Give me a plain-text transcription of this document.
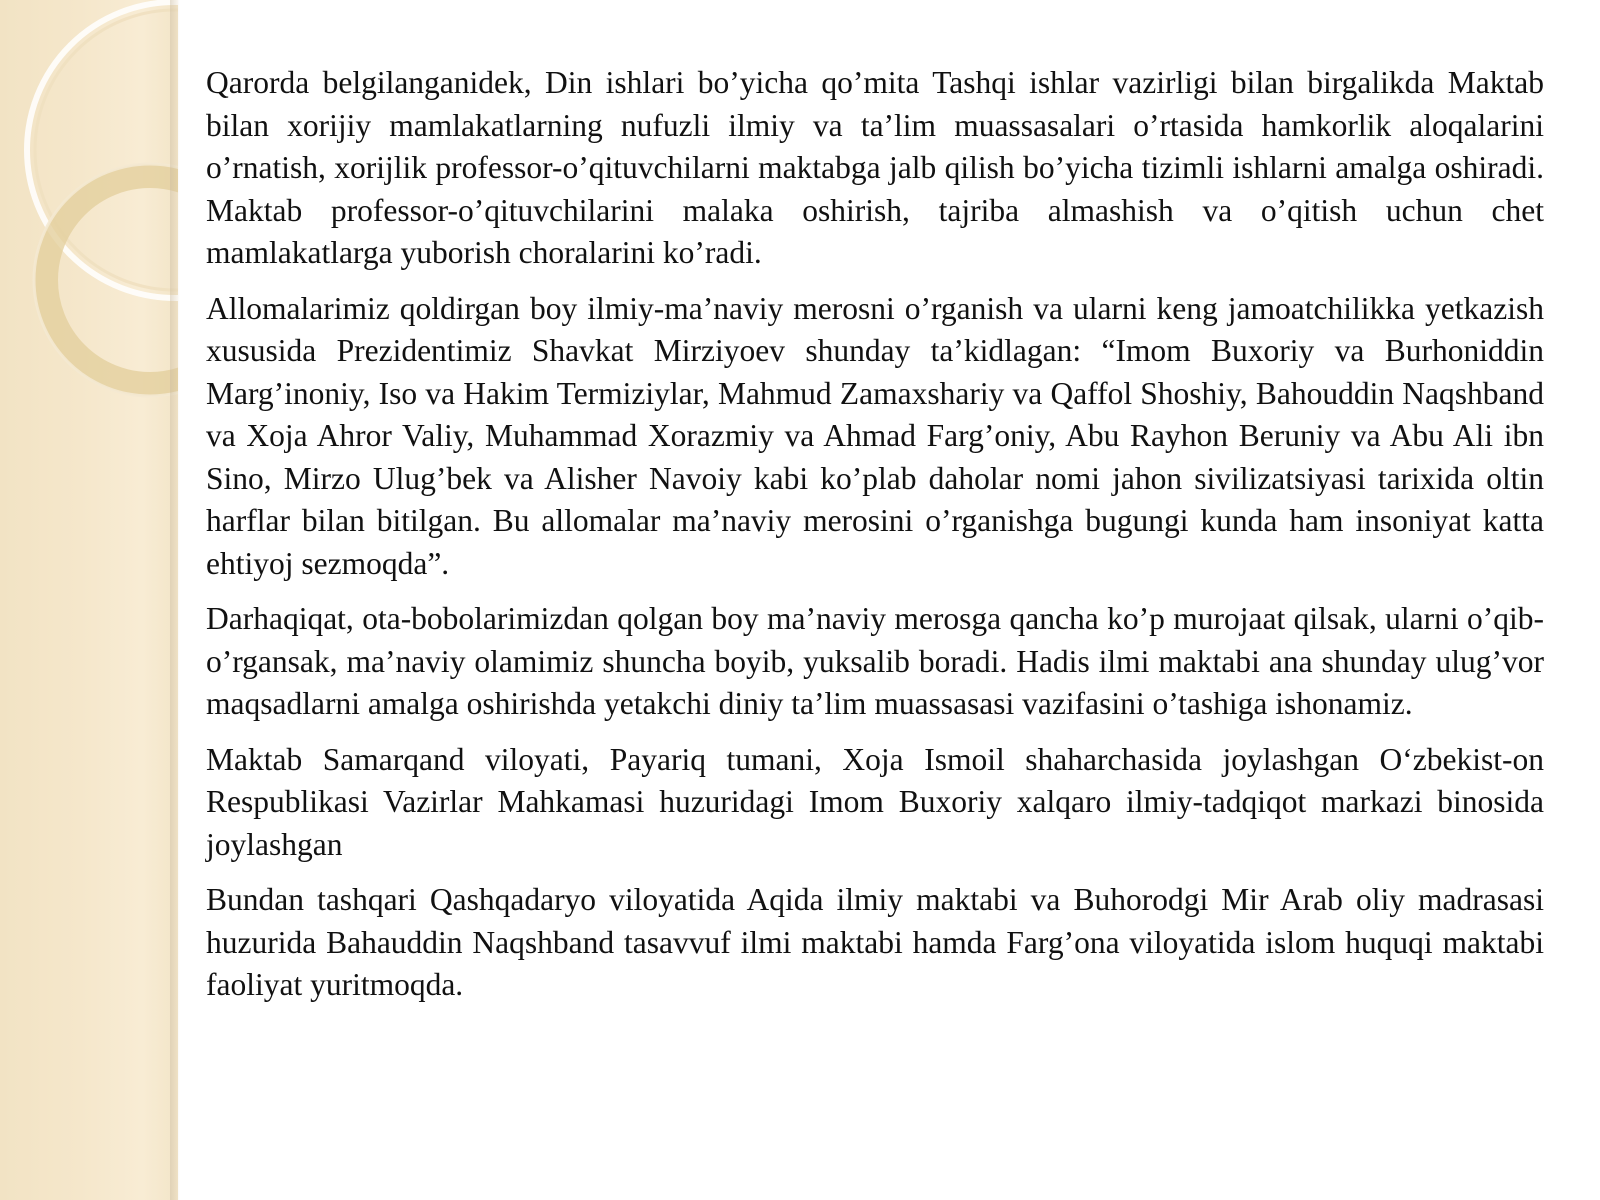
Qarorda belgilanganidek, Din ishlari bo’yicha qo’mita Tashqi ishlar vazirligi bilan birgalikda Maktab bilan xorijiy mamlakatlarning nufuzli ilmiy va ta’lim muassasalari o’rtasida hamkorlik aloqalarini o’rnatish, xorijlik professor-o’qituvchilarni maktabga jalb qilish bo’yicha tizimli ishlarni amalga oshiradi. Maktab professor-o’qituvchilarini malaka oshirish, tajriba almashish va o’qitish uchun chet mamlakatlarga yuborish choralarini ko’radi.

Allomalarimiz qoldirgan boy ilmiy-ma’naviy merosni o’rganish va ularni keng jamoatchilikka yetkazish xususida Prezidentimiz Shavkat Mirziyoev shunday ta’kidlagan: “Imom Buxoriy va Burhoniddin Marg’inoniy, Iso va Hakim Termiziylar, Mahmud Zamaxshariy va Qaffol Shoshiy, Bahouddin Naqshband va Xoja Ahror Valiy, Muhammad Xorazmiy va Ahmad Farg’oniy, Abu Rayhon Beruniy va Abu Ali ibn Sino, Mirzo Ulug’bek va Alisher Navoiy kabi ko’plab daholar nomi jahon sivilizatsiyasi tarixida oltin harflar bilan bitilgan. Bu allomalar ma’naviy merosini o’rganishga bugungi kunda ham insoniyat katta ehtiyoj sezmoqda”.

Darhaqiqat, ota-bobolarimizdan qolgan boy ma’naviy merosga qancha ko’p murojaat qilsak, ularni o’qib-o’rgansak, ma’naviy olamimiz shuncha boyib, yuksalib boradi. Hadis ilmi maktabi ana shunday ulug’vor maqsadlarni amalga oshirishda yetakchi diniy ta’lim muassasasi vazifasini o’tashiga ishonamiz.

Maktab Samarqand viloyati, Payariq tumani, Xoja Ismoil shaharchasida joylashgan O‘zbekist-on Respublikasi Vazirlar Mahkamasi huzuridagi Imom Buxoriy xalqaro ilmiy-tadqiqot markazi binosida joylashgan

Bundan tashqari Qashqadaryo viloyatida Aqida ilmiy maktabi va Buhorodgi Mir Arab oliy madrasasi huzurida Bahauddin Naqshband tasavvuf ilmi maktabi hamda Farg’ona viloyatida islom huquqi maktabi faoliyat yuritmoqda.
